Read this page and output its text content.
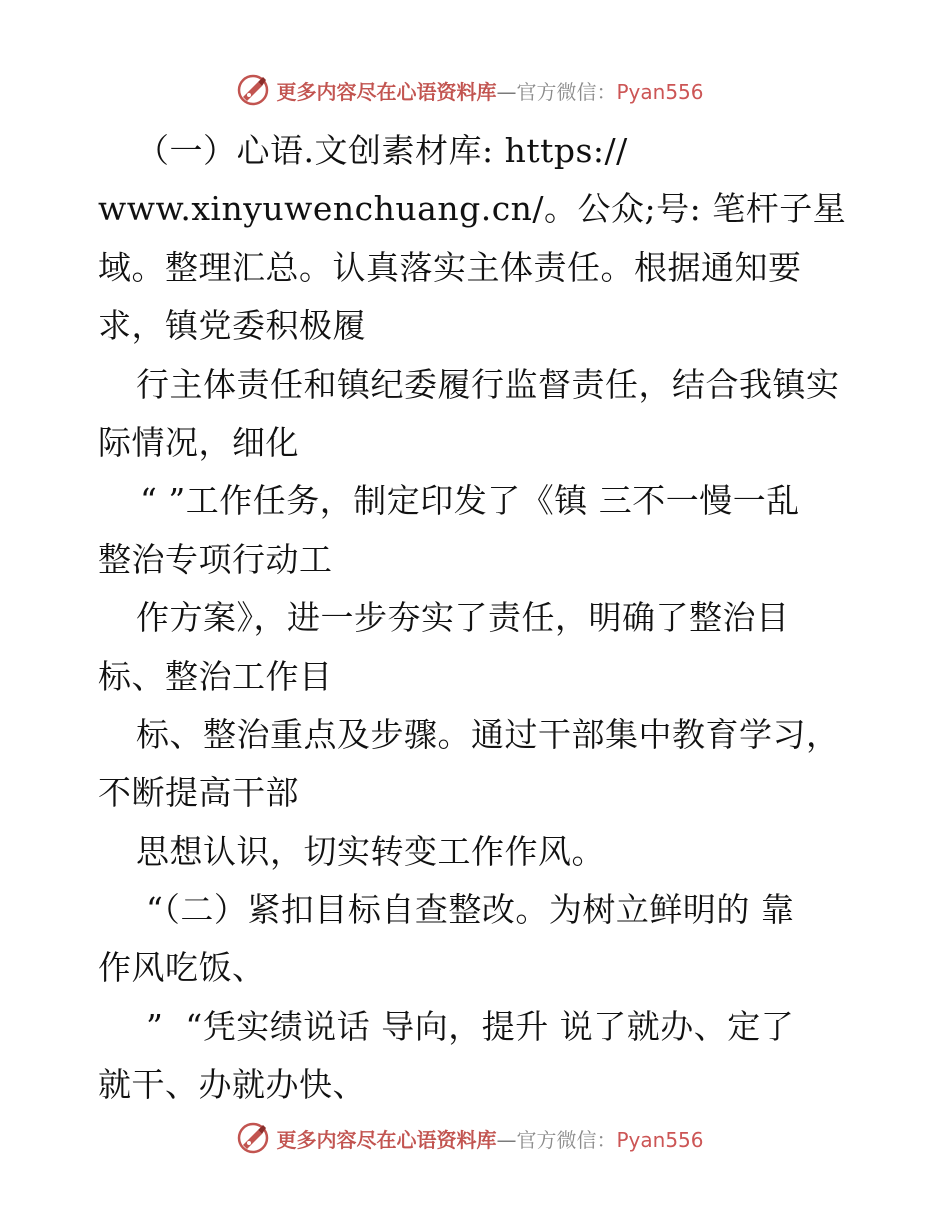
更多内容尽在心语资料库—官方微信：Pyan556
（一）心语.文创素材库: https://
www.xinyuwenchuang.cn/。公众;号: 笔杆子星
域。整理汇总。认真落实主体责任。根据通知要
求，镇党委积极履
行主体责任和镇纪委履行监督责任，结合我镇实
际情况，细化
“ ”工作任务，制定印发了《镇 三不一慢一乱
整治专项行动工
作方案》，进一步夯实了责任，明确了整治目
标、整治工作目
标、整治重点及步骤。通过干部集中教育学习，
不断提高干部
思想认识，切实转变工作作风。
“（二）紧扣目标自查整改。为树立鲜明的 靠
作风吃饭、
”  “凭实绩说话 导向，提升 说了就办、定了
就干、办就办快、
更多内容尽在心语资料库—官方微信：Pyan556
